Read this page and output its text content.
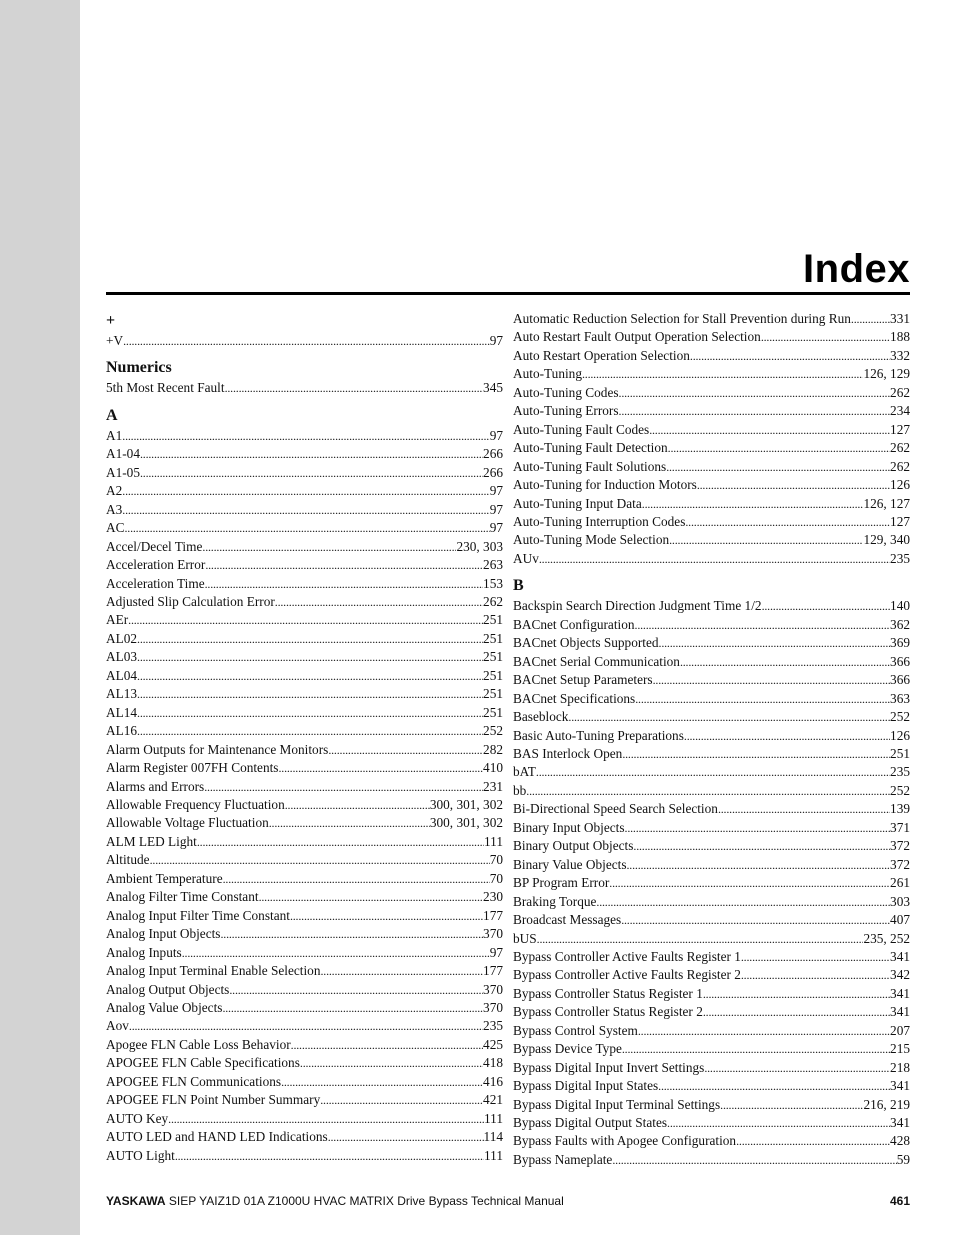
Index
+
+V . . .	97
Numerics
5th Most Recent Fault . . .	345
A
A1 . . .	97
A1-04 . . .	266
A1-05 . . .	266
A2 . . .	97
A3 . . .	97
AC . . .	97
Accel/Decel Time . . .	230, 303
Acceleration Error . . .	263
Acceleration Time . . .	153
Adjusted Slip Calculation Error . . .	262
AEr . . .	251
AL02 . . .	251
AL03 . . .	251
AL04 . . .	251
AL13 . . .	251
AL14 . . .	251
AL16 . . .	252
Alarm Outputs for Maintenance Monitors . . .	282
Alarm Register 007FH Contents . . .	410
Alarms and Errors . . .	231
Allowable Frequency Fluctuation . . .	300, 301, 302
Allowable Voltage Fluctuation . . .	300, 301, 302
ALM LED Light . . .	111
Altitude . . .	70
Ambient Temperature . . .	70
Analog Filter Time Constant . . .	230
Analog Input Filter Time Constant . . .	177
Analog Input Objects . . .	370
Analog Inputs . . .	97
Analog Input Terminal Enable Selection . . .	177
Analog Output Objects . . .	370
Analog Value Objects . . .	370
Aov . . .	235
Apogee FLN Cable Loss Behavior . . .	425
APOGEE FLN Cable Specifications . . .	418
APOGEE FLN Communications . . .	416
APOGEE FLN Point Number Summary . . .	421
AUTO Key . . .	111
AUTO LED and HAND LED Indications . . .	114
AUTO Light . . .	111
Automatic Reduction Selection for Stall Prevention during Run . . .	331
Auto Restart Fault Output Operation Selection . . .	188
Auto Restart Operation Selection . . .	332
Auto-Tuning . . .	126, 129
Auto-Tuning Codes . . .	262
Auto-Tuning Errors . . .	234
Auto-Tuning Fault Codes . . .	127
Auto-Tuning Fault Detection . . .	262
Auto-Tuning Fault Solutions . . .	262
Auto-Tuning for Induction Motors . . .	126
Auto-Tuning Input Data . . .	126, 127
Auto-Tuning Interruption Codes . . .	127
Auto-Tuning Mode Selection . . .	129, 340
AUv . . .	235
B
Backspin Search Direction Judgment Time 1/2 . . .	140
BACnet Configuration . . .	362
BACnet Objects Supported . . .	369
BACnet Serial Communication . . .	366
BACnet Setup Parameters . . .	366
BACnet Specifications . . .	363
Baseblock . . .	252
Basic Auto-Tuning Preparations . . .	126
BAS Interlock Open . . .	251
bAT . . .	235
bb . . .	252
Bi-Directional Speed Search Selection . . .	139
Binary Input Objects . . .	371
Binary Output Objects . . .	372
Binary Value Objects . . .	372
BP Program Error . . .	261
Braking Torque . . .	303
Broadcast Messages . . .	407
bUS . . .	235, 252
Bypass Controller Active Faults Register 1 . . .	341
Bypass Controller Active Faults Register 2 . . .	342
Bypass Controller Status Register 1 . . .	341
Bypass Controller Status Register 2 . . .	341
Bypass Control System . . .	207
Bypass Device Type . . .	215
Bypass Digital Input Invert Settings . . .	218
Bypass Digital Input States . . .	341
Bypass Digital Input Terminal Settings . . .	216, 219
Bypass Digital Output States . . .	341
Bypass Faults with Apogee Configuration . . .	428
Bypass Nameplate . . .	59
YASKAWA SIEP YAIZ1D 01A Z1000U HVAC MATRIX Drive Bypass Technical Manual	461
